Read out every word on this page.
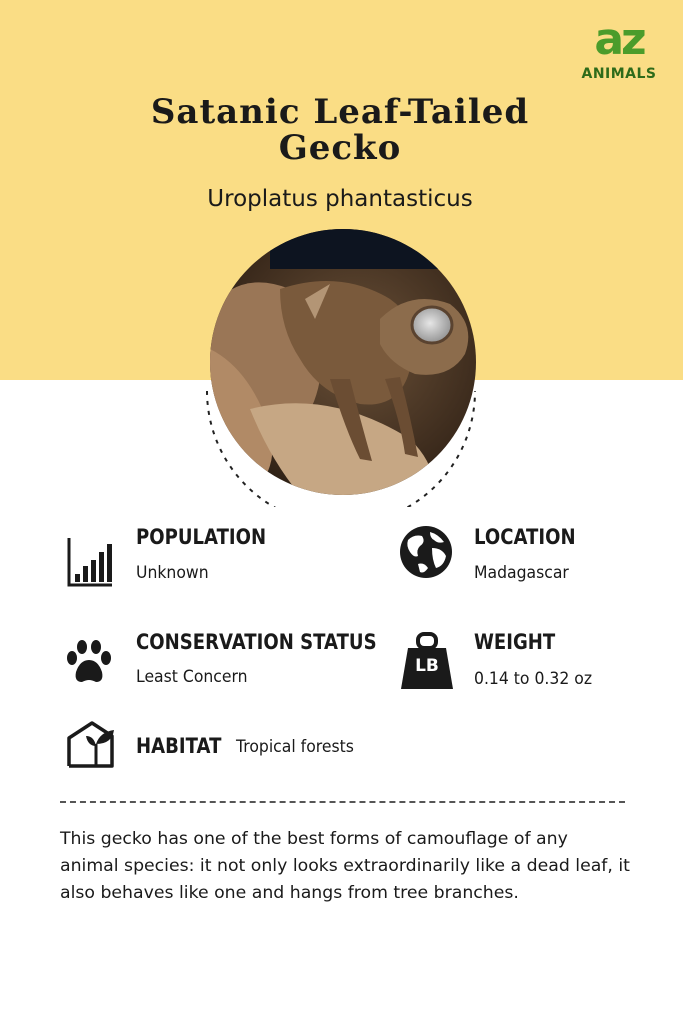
az
ANIMALS
Satanic Leaf-Tailed Gecko
Uroplatus phantasticus
POPULATION
Unknown
LOCATION
Madagascar
CONSERVATION STATUS
Least Concern
LB
WEIGHT
0.14 to 0.32 oz
HABITAT Tropical forests
This gecko has one of the best forms of camouflage of any animal species: it not only looks extraordinarily like a dead leaf, it also behaves like one and hangs from tree branches.
